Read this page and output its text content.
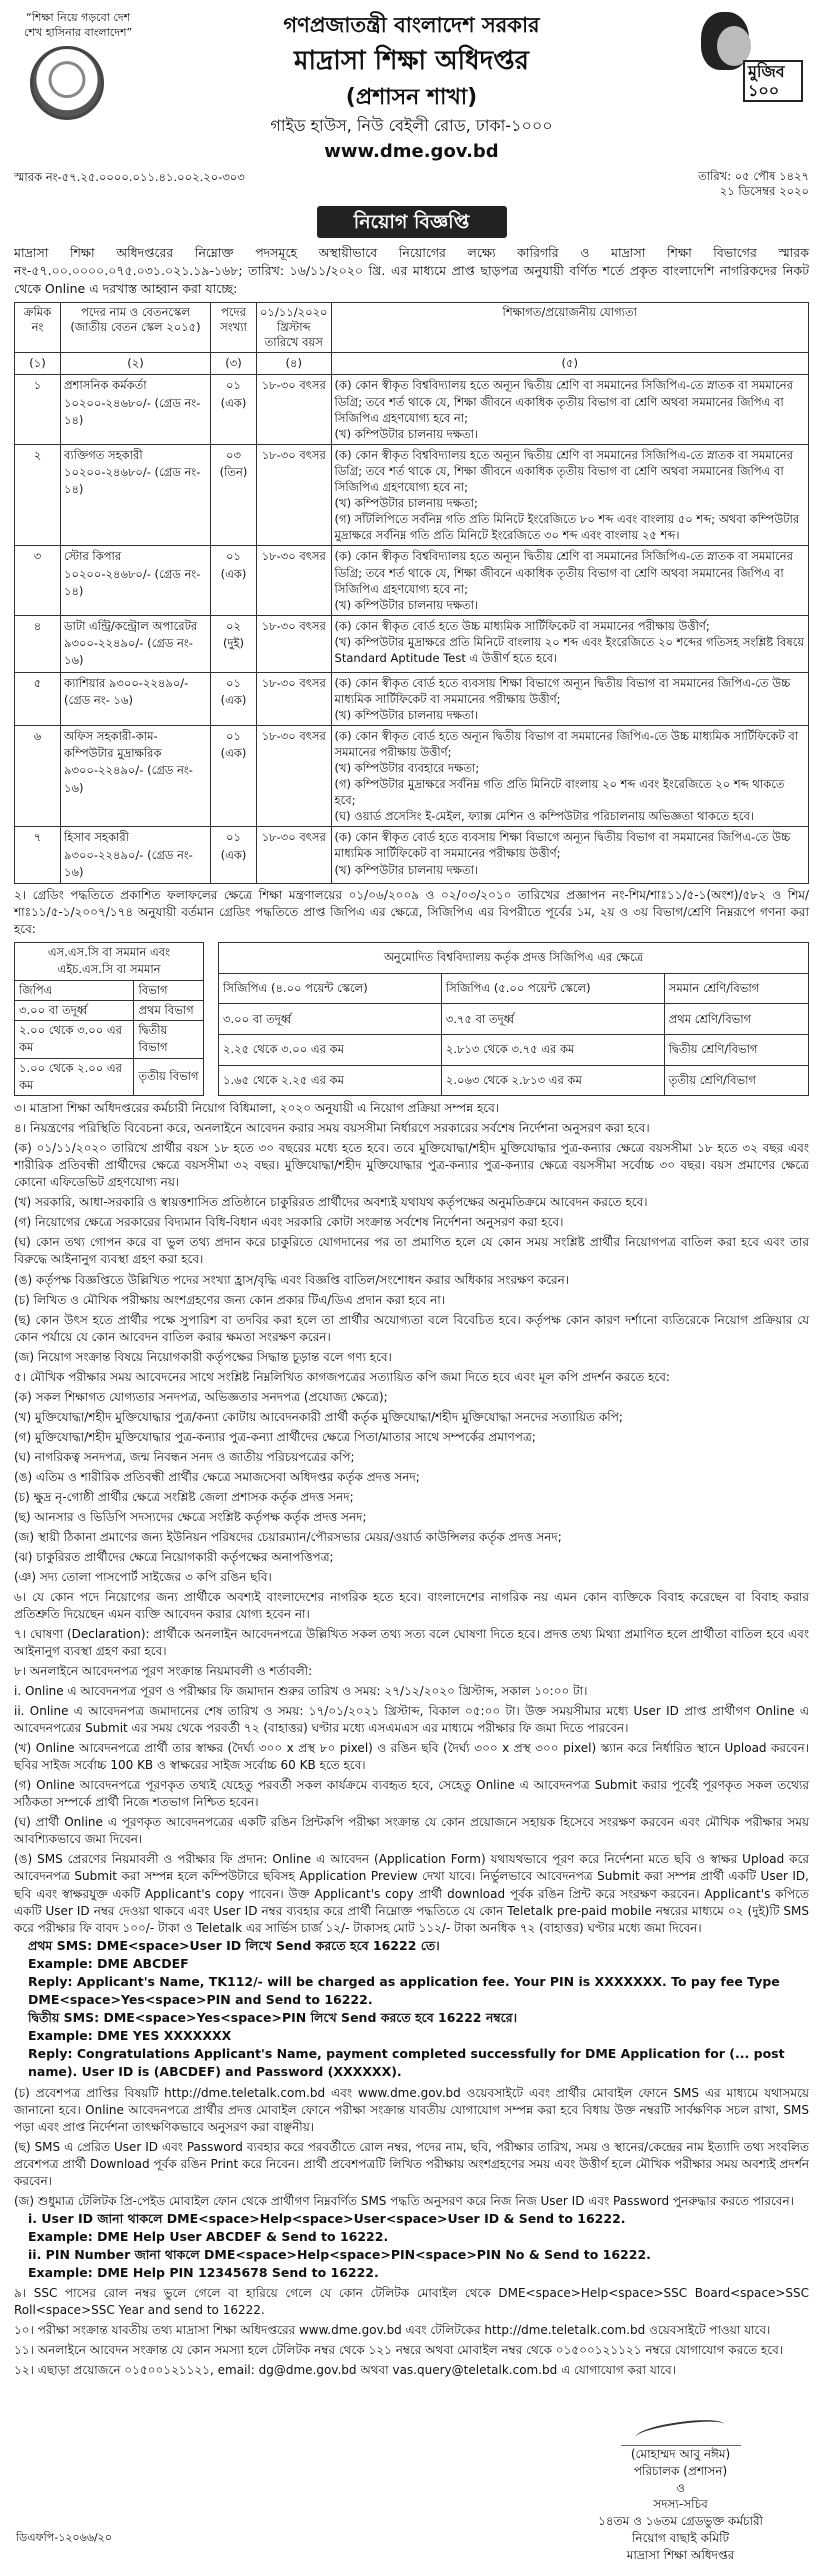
“শিক্ষা নিয়ে গড়বো দেশ
শেখ হাসিনার বাংলাদেশ”
মুজিব ১০০
গণপ্রজাতন্ত্রী বাংলাদেশ সরকার
মাদ্রাসা শিক্ষা অধিদপ্তর
(প্রশাসন শাখা)
গাইড হাউস, নিউ বেইলী রোড, ঢাকা-১০০০
www.dme.gov.bd
স্মারক নং-৫৭.২৫.০০০০.০১১.৪১.০০২.২০-৩০৩	তারিখ: ০৫ পৌষ ১৪২৭
২১ ডিসেম্বর ২০২০
নিয়োগ বিজ্ঞপ্তি
মাদ্রাসা শিক্ষা অধিদপ্তরের নিম্নোক্ত পদসমূহে অস্থায়ীভাবে নিয়োগের লক্ষ্যে কারিগরি ও মাদ্রাসা শিক্ষা বিভাগের স্মারক নং-৫৭.০০.০০০০.০৭৫.০৩১.০২১.১৯-১৬৮; তারিখ: ১৬/১১/২০২০ খ্রি. এর মাধ্যমে প্রাপ্ত ছাড়পত্র অনুযায়ী বর্ণিত শর্তে প্রকৃত বাংলাদেশি নাগরিকদের নিকট থেকে Online এ দরখাস্ত আহ্বান করা যাচ্ছে:
ক্রমিক নং	পদের নাম ও বেতনস্কেল (জাতীয় বেতন স্কেল ২০১৫)	পদের সংখ্যা	০১/১১/২০২০ খ্রিস্টাব্দ তারিখে বয়স	শিক্ষাগত/প্রয়োজনীয় যোগ্যতা
(১)	(২)	(৩)	(৪)	(৫)
১	প্রশাসনিক কর্মকর্তা ১০২০০-২৪৬৮০/- (গ্রেড নং- ১৪)	০১ (এক)	১৮-৩০ বৎসর	(ক) কোন স্বীকৃত বিশ্ববিদ্যালয় হতে অন্যূন দ্বিতীয় শ্রেণি বা সমমানের সিজিপিএ-তে স্নাতক বা সমমানের ডিগ্রি; তবে শর্ত থাকে যে, শিক্ষা জীবনে একাধিক তৃতীয় বিভাগ বা শ্রেণি অথবা সমমানের জিপিএ বা সিজিপিএ গ্রহণযোগ্য হবে না;
(খ) কম্পিউটার চালনায় দক্ষতা।

২	ব্যক্তিগত সহকারী ১০২০০-২৪৬৮০/- (গ্রেড নং- ১৪)	০৩ (তিন)	১৮-৩০ বৎসর	(ক) কোন স্বীকৃত বিশ্ববিদ্যালয় হতে অন্যূন দ্বিতীয় শ্রেণি বা সমমানের সিজিপিএ-তে স্নাতক বা সমমানের ডিগ্রি; তবে শর্ত থাকে যে, শিক্ষা জীবনে একাধিক তৃতীয় বিভাগ বা শ্রেণি অথবা সমমানের জিপিএ বা সিজিপিএ গ্রহণযোগ্য হবে না;
(খ) কম্পিউটার চালনায় দক্ষতা;
(গ) সাঁটলিপিতে সর্বনিম্ন গতি প্রতি মিনিটে ইংরেজিতে ৮০ শব্দ এবং বাংলায় ৫০ শব্দ; অথবা কম্পিউটার মুদ্রাক্ষরে সর্বনিম্ন গতি প্রতি মিনিটে ইংরেজিতে ৩০ শব্দ এবং বাংলায় ২৫ শব্দ।

৩	স্টোর কিপার ১০২০০-২৪৬৮০/- (গ্রেড নং- ১৪)	০১ (এক)	১৮-৩০ বৎসর	(ক) কোন স্বীকৃত বিশ্ববিদ্যালয় হতে অন্যূন দ্বিতীয় শ্রেণি বা সমমানের সিজিপিএ-তে স্নাতক বা সমমানের ডিগ্রি; তবে শর্ত থাকে যে, শিক্ষা জীবনে একাধিক তৃতীয় বিভাগ বা শ্রেণি অথবা সমমানের জিপিএ বা সিজিপিএ গ্রহণযোগ্য হবে না;
(খ) কম্পিউটার চালনায় দক্ষতা।

৪	ডাটা এন্ট্রি/কন্ট্রোল অপারেটর ৯৩০০-২২৪৯০/- (গ্রেড নং- ১৬)	০২ (দুই)	১৮-৩০ বৎসর	(ক) কোন স্বীকৃত বোর্ড হতে উচ্চ মাধ্যমিক সার্টিফিকেট বা সমমানের পরীক্ষায় উত্তীর্ণ;
(খ) কম্পিউটার মুদ্রাক্ষরে প্রতি মিনিটে বাংলায় ২০ শব্দ এবং ইংরেজিতে ২০ শব্দের গতিসহ সংশ্লিষ্ট বিষয়ে Standard Aptitude Test এ উত্তীর্ণ হতে হবে।

৫	ক্যাশিয়ার ৯৩০০-২২৪৯০/- (গ্রেড নং- ১৬)	০১ (এক)	১৮-৩০ বৎসর	(ক) কোন স্বীকৃত বোর্ড হতে ব্যবসায় শিক্ষা বিভাগে অন্যূন দ্বিতীয় বিভাগ বা সমমানের জিপিএ-তে উচ্চ মাধ্যমিক সার্টিফিকেট বা সমমানের পরীক্ষায় উত্তীর্ণ;
(খ) কম্পিউটার চালনায় দক্ষতা।

৬	অফিস সহকারী-কাম-কম্পিউটার মুদ্রাক্ষরিক ৯৩০০-২২৪৯০/- (গ্রেড নং- ১৬)	০১ (এক)	১৮-৩০ বৎসর	(ক) কোন স্বীকৃত বোর্ড হতে অন্যূন দ্বিতীয় বিভাগ বা সমমানের জিপিএ-তে উচ্চ মাধ্যমিক সার্টিফিকেট বা সমমানের পরীক্ষায় উত্তীর্ণ;
(খ) কম্পিউটার ব্যবহারে দক্ষতা;
(গ) কম্পিউটার মুদ্রাক্ষরে সর্বনিম্ন গতি প্রতি মিনিটে বাংলায় ২০ শব্দ এবং ইংরেজিতে ২০ শব্দ থাকতে হবে;
(ঘ) ওয়ার্ড প্রসেসিং ই-মেইল, ফ্যাক্স মেশিন ও কম্পিউটার পরিচালনায় অভিজ্ঞতা থাকতে হবে।

৭	হিসাব সহকারী ৯৩০০-২২৪৯০/- (গ্রেড নং- ১৬)	০১ (এক)	১৮-৩০ বৎসর	(ক) কোন স্বীকৃত বোর্ড হতে ব্যবসায় শিক্ষা বিভাগে অন্যূন দ্বিতীয় বিভাগ বা সমমানের জিপিএ-তে উচ্চ মাধ্যমিক সার্টিফিকেট বা সমমানের পরীক্ষায় উত্তীর্ণ;
(খ) কম্পিউটার চালনায় দক্ষতা।
২। গ্রেডিং পদ্ধতিতে প্রকাশিত ফলাফলের ক্ষেত্রে শিক্ষা মন্ত্রণালয়ের ০১/০৬/২০০৯ ও ০২/০৩/২০১০ তারিখের প্রজ্ঞাপন নং-শিম/শাঃ১১/৫-১(অংশ)/৫৮২ ও শিম/শাঃ১১/৫-১/২০০৭/১৭৪ অনুযায়ী বর্তমান গ্রেডিং পদ্ধতিতে প্রাপ্ত জিপিএ এর ক্ষেত্রে, সিজিপিএ এর বিপরীতে পূর্বের ১ম, ২য় ও ৩য় বিভাগ/শ্রেণি নিম্নরূপে গণনা করা হবে:
এস.এস.সি বা সমমান এবং এইচ.এস.সি বা সমমান	
জিপিএ	বিভাগ
৩.০০ বা তদূর্ধ্ব	প্রথম বিভাগ
২.০০ থেকে ৩.০০ এর কম	দ্বিতীয় বিভাগ
১.০০ থেকে ২.০০ এর কম	তৃতীয় বিভাগ
অনুমোদিত বিশ্ববিদ্যালয় কর্তৃক প্রদত্ত সিজিপিএ এর ক্ষেত্রে		
সিজিপিএ (৪.০০ পয়েন্ট স্কেলে)	সিজিপিএ (৫.০০ পয়েন্ট স্কেলে)	সমমান শ্রেণি/বিভাগ
৩.০০ বা তদূর্ধ্ব	৩.৭৫ বা তদূর্ধ্ব	প্রথম শ্রেণি/বিভাগ
২.২৫ থেকে ৩.০০ এর কম	২.৮১৩ থেকে ৩.৭৫ এর কম	দ্বিতীয় শ্রেণি/বিভাগ
১.৬৫ থেকে ২.২৫ এর কম	২.০৬৩ থেকে ২.৮১৩ এর কম	তৃতীয় শ্রেণি/বিভাগ
৩। মাদ্রাসা শিক্ষা অধিদপ্তরের কর্মচারী নিয়োগ বিধিমালা, ২০২০ অনুযায়ী এ নিয়োগ প্রক্রিয়া সম্পন্ন হবে।
৪। নিয়ন্ত্রণের পরিস্থিতি বিবেচনা করে, অনলাইনে আবেদন করার সময় বয়সসীমা নির্ধারণে সরকারের সর্বশেষ নির্দেশনা অনুসরণ করা হবে।
(ক) ০১/১১/২০২০ তারিখে প্রার্থীর বয়স ১৮ হতে ৩০ বছরের মধ্যে হতে হবে। তবে মুক্তিযোদ্ধা/শহীদ মুক্তিযোদ্ধার পুত্র-কন্যার ক্ষেত্রে বয়সসীমা ১৮ হতে ৩২ বছর এবং শারীরিক প্রতিবন্ধী প্রার্থীদের ক্ষেত্রে বয়সসীমা ৩২ বছর। মুক্তিযোদ্ধা/শহীদ মুক্তিযোদ্ধার পুত্র-কন্যার পুত্র-কন্যার ক্ষেত্রে বয়সসীমা সর্বোচ্চ ৩০ বছর। বয়স প্রমাণের ক্ষেত্রে কোনো এফিডেভিট গ্রহণযোগ্য নয়।
(খ) সরকারি, আধা-সরকারি ও স্বায়ত্তশাসিত প্রতিষ্ঠানে চাকুরিরত প্রার্থীদের অবশ্যই যথাযথ কর্তৃপক্ষের অনুমতিক্রমে আবেদন করতে হবে।
(গ) নিয়োগের ক্ষেত্রে সরকারের বিদ্যমান বিধি-বিধান এবং সরকারি কোটা সংক্রান্ত সর্বশেষ নির্দেশনা অনুসরণ করা হবে।
(ঘ) কোন তথ্য গোপন করে বা ভুল তথ্য প্রদান করে চাকুরিতে যোগদানের পর তা প্রমাণিত হলে যে কোন সময় সংশ্লিষ্ট প্রার্থীর নিয়োগপত্র বাতিল করা হবে এবং তার বিরুদ্ধে আইনানুগ ব্যবস্থা গ্রহণ করা হবে।
(ঙ) কর্তৃপক্ষ বিজ্ঞপ্তিতে উল্লিখিত পদের সংখ্যা হ্রাস/বৃদ্ধি এবং বিজ্ঞপ্তি বাতিল/সংশোধন করার অধিকার সংরক্ষণ করেন।
(চ) লিখিত ও মৌখিক পরীক্ষায় অংশগ্রহণের জন্য কোন প্রকার টিএ/ডিএ প্রদান করা হবে না।
(ছ) কোন উৎস হতে প্রার্থীর পক্ষে সুপারিশ বা তদবির করা হলে তা প্রার্থীর অযোগ্যতা বলে বিবেচিত হবে। কর্তৃপক্ষ কোন কারণ দর্শানো ব্যতিরেকে নিয়োগ প্রক্রিয়ার যে কোন পর্যায়ে যে কোন আবেদন বাতিল করার ক্ষমতা সংরক্ষণ করেন।
(জ) নিয়োগ সংক্রান্ত বিষয়ে নিয়োগকারী কর্তৃপক্ষের সিদ্ধান্ত চূড়ান্ত বলে গণ্য হবে।
৫। মৌখিক পরীক্ষার সময় আবেদনের সাথে সংশ্লিষ্ট নিম্নলিখিত কাগজপত্রের সত্যায়িত কপি জমা দিতে হবে এবং মূল কপি প্রদর্শন করতে হবে:
(ক) সকল শিক্ষাগত যোগ্যতার সনদপত্র, অভিজ্ঞতার সনদপত্র (প্রযোজ্য ক্ষেত্রে);
(খ) মুক্তিযোদ্ধা/শহীদ মুক্তিযোদ্ধার পুত্র/কন্যা কোটায় আবেদনকারী প্রার্থী কর্তৃক মুক্তিযোদ্ধা/শহীদ মুক্তিযোদ্ধা সনদের সত্যায়িত কপি;
(গ) মুক্তিযোদ্ধা/শহীদ মুক্তিযোদ্ধার পুত্র-কন্যার পুত্র-কন্যা প্রার্থীদের ক্ষেত্রে পিতা/মাতার সাথে সম্পর্কের প্রমাণপত্র;
(ঘ) নাগরিকত্ব সনদপত্র, জন্ম নিবন্ধন সনদ ও জাতীয় পরিচয়পত্রের কপি;
(ঙ) এতিম ও শারীরিক প্রতিবন্ধী প্রার্থীর ক্ষেত্রে সমাজসেবা অধিদপ্তর কর্তৃক প্রদত্ত সনদ;
(চ) ক্ষুদ্র নৃ-গোষ্ঠী প্রার্থীর ক্ষেত্রে সংশ্লিষ্ট জেলা প্রশাসক কর্তৃক প্রদত্ত সনদ;
(ছ) আনসার ও ভিডিপি সদস্যদের ক্ষেত্রে সংশ্লিষ্ট কর্তৃপক্ষ কর্তৃক প্রদত্ত সনদ;
(জ) স্থায়ী ঠিকানা প্রমাণের জন্য ইউনিয়ন পরিষদের চেয়ারম্যান/পৌরসভার মেয়র/ওয়ার্ড কাউন্সিলর কর্তৃক প্রদত্ত সনদ;
(ঝ) চাকুরিরত প্রার্থীদের ক্ষেত্রে নিয়োগকারী কর্তৃপক্ষের অনাপত্তিপত্র;
(ঞ) সদ্য তোলা পাসপোর্ট সাইজের ৩ কপি রঙিন ছবি।
৬। যে কোন পদে নিয়োগের জন্য প্রার্থীকে অবশ্যই বাংলাদেশের নাগরিক হতে হবে। বাংলাদেশের নাগরিক নয় এমন কোন ব্যক্তিকে বিবাহ করেছেন বা বিবাহ করার প্রতিশ্রুতি দিয়েছেন এমন ব্যক্তি আবেদন করার যোগ্য হবেন না।
৭। ঘোষণা (Declaration): প্রার্থীকে অনলাইন আবেদনপত্রে উল্লিখিত সকল তথ্য সত্য বলে ঘোষণা দিতে হবে। প্রদত্ত তথ্য মিথ্যা প্রমাণিত হলে প্রার্থীতা বাতিল হবে এবং আইনানুগ ব্যবস্থা গ্রহণ করা হবে।
৮। অনলাইনে আবেদনপত্র পূরণ সংক্রান্ত নিয়মাবলী ও শর্তাবলী:
i. Online এ আবেদনপত্র পূরণ ও পরীক্ষার ফি জমাদান শুরুর তারিখ ও সময়: ২৭/১২/২০২০ খ্রিস্টাব্দ, সকাল ১০:০০ টা।
ii. Online এ আবেদনপত্র জমাদানের শেষ তারিখ ও সময়: ১৭/০১/২০২১ খ্রিস্টাব্দ, বিকাল ০৫:০০ টা। উক্ত সময়সীমার মধ্যে User ID প্রাপ্ত প্রার্থীগণ Online এ আবেদনপত্রের Submit এর সময় থেকে পরবর্তী ৭২ (বাহাত্তর) ঘণ্টার মধ্যে এসএমএস এর মাধ্যমে পরীক্ষার ফি জমা দিতে পারবেন।
(খ) Online আবেদনপত্রে প্রার্থী তার স্বাক্ষর (দৈর্ঘ্য ৩০০ x প্রস্থ ৮০ pixel) ও রঙিন ছবি (দৈর্ঘ্য ৩০০ x প্রস্থ ৩০০ pixel) স্ক্যান করে নির্ধারিত স্থানে Upload করবেন। ছবির সাইজ সর্বোচ্চ 100 KB ও স্বাক্ষরের সাইজ সর্বোচ্চ 60 KB হতে হবে।
(গ) Online আবেদনপত্রে পূরণকৃত তথ্যই যেহেতু পরবর্তী সকল কার্যক্রমে ব্যবহৃত হবে, সেহেতু Online এ আবেদনপত্র Submit করার পূর্বেই পূরণকৃত সকল তথ্যের সঠিকতা সম্পর্কে প্রার্থী নিজে শতভাগ নিশ্চিত হবেন।
(ঘ) প্রার্থী Online এ পূরণকৃত আবেদনপত্রের একটি রঙিন প্রিন্টকপি পরীক্ষা সংক্রান্ত যে কোন প্রয়োজনে সহায়ক হিসেবে সংরক্ষণ করবেন এবং মৌখিক পরীক্ষার সময় আবশ্যিকভাবে জমা দিবেন।
(ঙ) SMS প্রেরণের নিয়মাবলী ও পরীক্ষার ফি প্রদান: Online এ আবেদন (Application Form) যথাযথভাবে পূরণ করে নির্দেশনা মতে ছবি ও স্বাক্ষর Upload করে আবেদনপত্র Submit করা সম্পন্ন হলে কম্পিউটারে ছবিসহ Application Preview দেখা যাবে। নির্ভুলভাবে আবেদনপত্র Submit করা সম্পন্ন প্রার্থী একটি User ID, ছবি এবং স্বাক্ষরযুক্ত একটি Applicant's copy পাবেন। উক্ত Applicant's copy প্রার্থী download পূর্বক রঙিন প্রিন্ট করে সংরক্ষণ করবেন। Applicant's কপিতে একটি User ID নম্বর দেওয়া থাকবে এবং User ID নম্বর ব্যবহার করে প্রার্থী নিম্নোক্ত পদ্ধতিতে যে কোন Teletalk pre-paid mobile নম্বরের মাধ্যমে ০২ (দুই)টি SMS করে পরীক্ষার ফি বাবদ ১০০/- টাকা ও Teletalk এর সার্ভিস চার্জ ১২/- টাকাসহ মোট ১১২/- টাকা অনধিক ৭২ (বাহাত্তর) ঘণ্টার মধ্যে জমা দিবেন।
প্রথম SMS: DME<space>User ID লিখে Send করতে হবে 16222 তে।
Example: DME ABCDEF
Reply: Applicant's Name, TK112/- will be charged as application fee. Your PIN is XXXXXXX. To pay fee Type DME<space>Yes<space>PIN and Send to 16222.
দ্বিতীয় SMS: DME<space>Yes<space>PIN লিখে Send করতে হবে 16222 নম্বরে।
Example: DME YES XXXXXXX
Reply: Congratulations Applicant's Name, payment completed successfully for DME Application for (... post name). User ID is (ABCDEF) and Password (XXXXXX).
(চ) প্রবেশপত্র প্রাপ্তির বিষয়টি http://dme.teletalk.com.bd এবং www.dme.gov.bd ওয়েবসাইটে এবং প্রার্থীর মোবাইল ফোনে SMS এর মাধ্যমে যথাসময়ে জানানো হবে। Online আবেদনপত্রে প্রার্থীর প্রদত্ত মোবাইল ফোনে পরীক্ষা সংক্রান্ত যাবতীয় যোগাযোগ সম্পন্ন করা হবে বিধায় উক্ত নম্বরটি সার্বক্ষণিক সচল রাখা, SMS পড়া এবং প্রাপ্ত নির্দেশনা তাৎক্ষণিকভাবে অনুসরণ করা বাঞ্ছনীয়।
(ছ) SMS এ প্রেরিত User ID এবং Password ব্যবহার করে পরবর্তীতে রোল নম্বর, পদের নাম, ছবি, পরীক্ষার তারিখ, সময় ও স্থানের/কেন্দ্রের নাম ইত্যাদি তথ্য সংবলিত প্রবেশপত্র প্রার্থী Download পূর্বক রঙিন Print করে নিবেন। প্রার্থী প্রবেশপত্রটি লিখিত পরীক্ষায় অংশগ্রহণের সময় এবং উত্তীর্ণ হলে মৌখিক পরীক্ষার সময় অবশ্যই প্রদর্শন করবেন।
(জ) শুধুমাত্র টেলিটক প্রি-পেইড মোবাইল ফোন থেকে প্রার্থীগণ নিম্নবর্ণিত SMS পদ্ধতি অনুসরণ করে নিজ নিজ User ID এবং Password পুনরুদ্ধার করতে পারবেন।
i. User ID জানা থাকলে DME<space>Help<space>User<space>User ID & Send to 16222.
Example: DME Help User ABCDEF & Send to 16222.
ii. PIN Number জানা থাকলে DME<space>Help<space>PIN<space>PIN No & Send to 16222.
Example: DME Help PIN 12345678 Send to 16222.
৯। SSC পাসের রোল নম্বর ভুলে গেলে বা হারিয়ে গেলে যে কোন টেলিটক মোবাইল থেকে DME<space>Help<space>SSC Board<space>SSC Roll<space>SSC Year and send to 16222.
১০। পরীক্ষা সংক্রান্ত যাবতীয় তথ্য মাদ্রাসা শিক্ষা অধিদপ্তরের www.dme.gov.bd এবং টেলিটকের http://dme.teletalk.com.bd ওয়েবসাইটে পাওয়া যাবে।
১১। অনলাইনে আবেদন সংক্রান্ত যে কোন সমস্যা হলে টেলিটক নম্বর থেকে ১২১ নম্বরে অথবা মোবাইল নম্বর থেকে ০১৫০০১২১১২১ নম্বরে যোগাযোগ করতে হবে।
১২। এছাড়া প্রয়োজনে ০১৫০০১২১১২১, email: dg@dme.gov.bd অথবা vas.query@teletalk.com.bd এ যোগাযোগ করা যাবে।
(মোহাম্মদ আবু নঈম)
পরিচালক (প্রশাসন)
ও
সদস্য-সচিব
১৪তম ও ১৬তম গ্রেডভুক্ত কর্মচারী
নিয়োগ বাছাই কমিটি
মাদ্রাসা শিক্ষা অধিদপ্তর
ডিএফপি-১২০৬৬/২০
